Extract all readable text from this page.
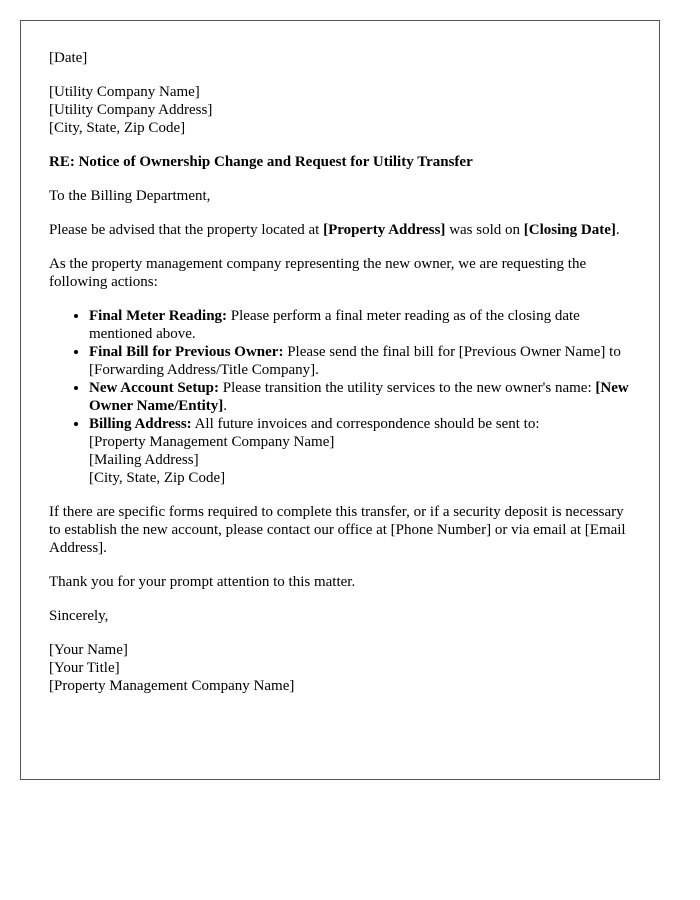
[Date]

[Utility Company Name]
[Utility Company Address]
[City, State, Zip Code]

RE: Notice of Ownership Change and Request for Utility Transfer

To the Billing Department,

Please be advised that the property located at [Property Address] was sold on [Closing Date].

As the property management company representing the new owner, we are requesting the following actions:

• Final Meter Reading: Please perform a final meter reading as of the closing date mentioned above.
• Final Bill for Previous Owner: Please send the final bill for [Previous Owner Name] to [Forwarding Address/Title Company].
• New Account Setup: Please transition the utility services to the new owner's name: [New Owner Name/Entity].
• Billing Address: All future invoices and correspondence should be sent to:
[Property Management Company Name]
[Mailing Address]
[City, State, Zip Code]

If there are specific forms required to complete this transfer, or if a security deposit is necessary to establish the new account, please contact our office at [Phone Number] or via email at [Email Address].

Thank you for your prompt attention to this matter.

Sincerely,

[Your Name]
[Your Title]
[Property Management Company Name]
